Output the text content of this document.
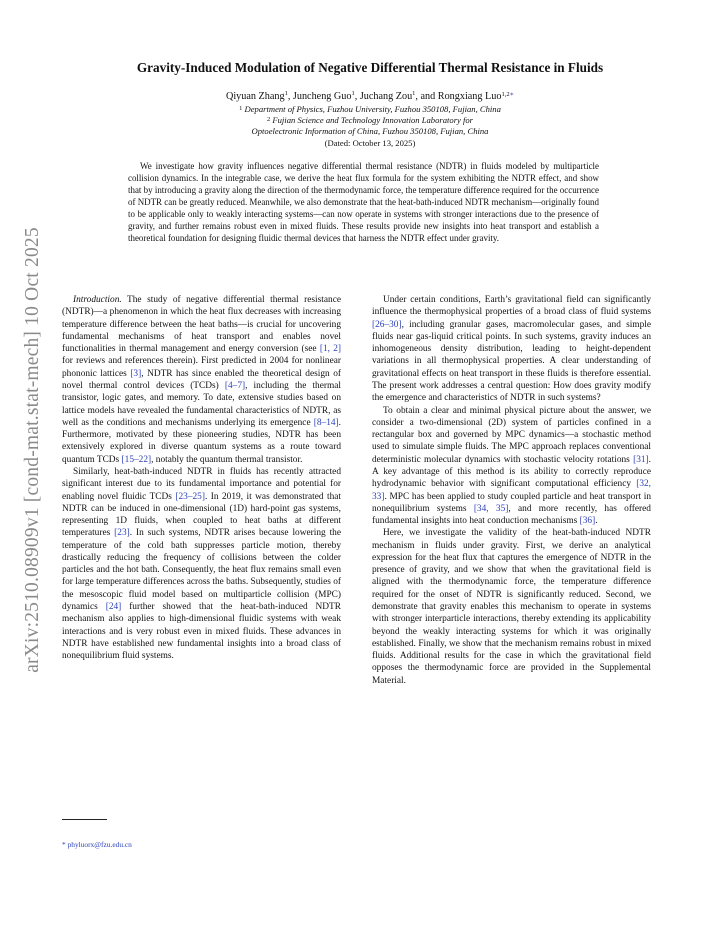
arXiv:2510.08909v1 [cond-mat.stat-mech] 10 Oct 2025
Gravity-Induced Modulation of Negative Differential Thermal Resistance in Fluids
Qiyuan Zhang$^1$, Juncheng Guo$^1$, Juchang Zou$^1$, and Rongxiang Luo$^{1,2∗}$
$^1$ Department of Physics, Fuzhou University, Fuzhou 350108, Fujian, China
$^2$ Fujian Science and Technology Innovation Laboratory for
Optoelectronic Information of China, Fuzhou 350108, Fujian, China
(Dated: October 13, 2025)
We investigate how gravity influences negative differential thermal resistance (NDTR) in fluids modeled by multiparticle collision dynamics. In the integrable case, we derive the heat flux formula for the system exhibiting the NDTR effect, and show that by introducing a gravity along the direction of the thermodynamic force, the temperature difference required for the occurrence of NDTR can be greatly reduced. Meanwhile, we also demonstrate that the heat-bath-induced NDTR mechanism—originally found to be applicable only to weakly interacting systems—can now operate in systems with stronger interactions due to the presence of gravity, and further remains robust even in mixed fluids. These results provide new insights into heat transport and establish a theoretical foundation for designing fluidic thermal devices that harness the NDTR effect under gravity.

Introduction. The study of negative differential thermal resistance (NDTR)—a phenomenon in which the heat flux decreases with increasing temperature difference between the heat baths—is crucial for uncovering fundamental mechanisms of heat transport and enables novel functionalities in thermal management and energy conversion (see [1, 2] for reviews and references therein). First predicted in 2004 for nonlinear phononic lattices [3], NDTR has since enabled the theoretical design of novel thermal control devices (TCDs) [4–7], including the thermal transistor, logic gates, and memory. To date, extensive studies based on lattice models have revealed the fundamental characteristics of NDTR, as well as the conditions and mechanisms underlying its emergence [8–14]. Furthermore, motivated by these pioneering studies, NDTR has been extensively explored in diverse quantum systems as a route toward quantum TCDs [15–22], notably the quantum thermal transistor.

Similarly, heat-bath-induced NDTR in fluids has recently attracted significant interest due to its fundamental importance and potential for enabling novel fluidic TCDs [23–25]. In 2019, it was demonstrated that NDTR can be induced in one-dimensional (1D) hard-point gas systems, representing 1D fluids, when coupled to heat baths at different temperatures [23]. In such systems, NDTR arises because lowering the temperature of the cold bath suppresses particle motion, thereby drastically reducing the frequency of collisions between the colder particles and the hot bath. Consequently, the heat flux remains small even for large temperature differences across the baths. Subsequently, studies of the mesoscopic fluid model based on multiparticle collision (MPC) dynamics [24] further showed that the heat-bath-induced NDTR mechanism also applies to high-dimensional fluidic systems with weak interactions and is very robust even in mixed fluids. These advances in NDTR have established new fundamental insights into a broad class of nonequilibrium fluid systems.

Under certain conditions, Earth’s gravitational field can significantly influence the thermophysical properties of a broad class of fluid systems [26–30], including granular gases, macromolecular gases, and simple fluids near gas-liquid critical points. In such systems, gravity induces an inhomogeneous density distribution, leading to height-dependent variations in all thermophysical properties. A clear understanding of gravitational effects on heat transport in these fluids is therefore essential. The present work addresses a central question: How does gravity modify the emergence and characteristics of NDTR in such systems?

To obtain a clear and minimal physical picture about the answer, we consider a two-dimensional (2D) system of particles confined in a rectangular box and governed by MPC dynamics—a stochastic method used to simulate simple fluids. The MPC approach replaces conventional deterministic molecular dynamics with stochastic velocity rotations [31]. A key advantage of this method is its ability to correctly reproduce hydrodynamic behavior with significant computational efficiency [32, 33]. MPC has been applied to study coupled particle and heat transport in nonequilibrium systems [34, 35], and more recently, has offered fundamental insights into heat conduction mechanisms [36].

Here, we investigate the validity of the heat-bath-induced NDTR mechanism in fluids under gravity. First, we derive an analytical expression for the heat flux that captures the emergence of NDTR in the presence of gravity, and we show that when the gravitational field is aligned with the thermodynamic force, the temperature difference required for the onset of NDTR is significantly reduced. Second, we demonstrate that gravity enables this mechanism to operate in systems with stronger interparticle interactions, thereby extending its applicability beyond the weakly interacting systems for which it was originally established. Finally, we show that the mechanism remains robust in mixed fluids. Additional results for the case in which the gravitational field opposes the thermodynamic force are provided in the Supplemental Material.

* phyluorx@fzu.edu.cn
